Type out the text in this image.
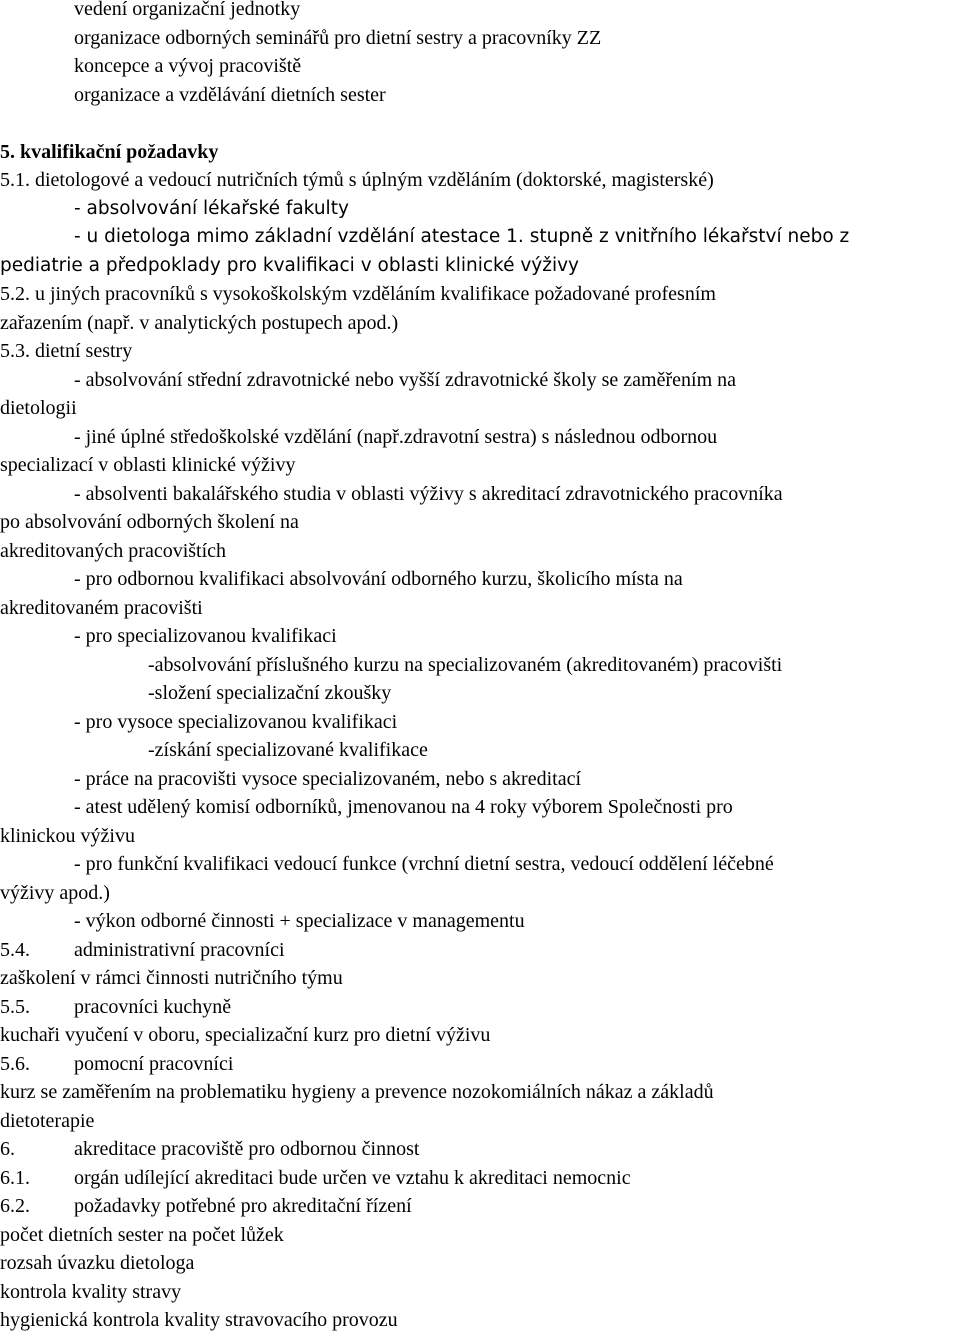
vedení organizační jednotky
organizace odborných seminářů pro dietní sestry a pracovníky ZZ
koncepce a vývoj pracoviště
organizace a vzdělávání dietních sester
5. kvalifikační požadavky
5.1. dietologové a vedoucí nutričních týmů s úplným vzděláním (doktorské, magisterské)
- absolvování lékařské fakulty
- u dietologa mimo základní vzdělání atestace 1. stupně z vnitřního lékařství nebo z
pediatrie a předpoklady pro kvalifikaci v oblasti klinické výživy
5.2. u jiných pracovníků s vysokoškolským vzděláním kvalifikace požadované profesním
zařazením (např. v analytických postupech apod.)
5.3. dietní sestry
- absolvování střední zdravotnické nebo vyšší zdravotnické školy se zaměřením na
dietologii
- jiné úplné středoškolské vzdělání (např.zdravotní sestra) s následnou odbornou
specializací v oblasti klinické výživy
- absolventi bakalářského studia v oblasti výživy s akreditací zdravotnického pracovníka
po absolvování odborných školení na
akreditovaných pracovištích
- pro odbornou kvalifikaci absolvování odborného kurzu, školicího místa na
akreditovaném pracovišti
- pro specializovanou kvalifikaci
-absolvování příslušného kurzu na specializovaném (akreditovaném) pracovišti
-složení specializační zkoušky
- pro vysoce specializovanou kvalifikaci
-získání specializované kvalifikace
- práce na pracovišti vysoce specializovaném, nebo s akreditací
- atest udělený komisí odborníků, jmenovanou na 4 roky výborem Společnosti pro
klinickou výživu
- pro funkční kvalifikaci vedoucí funkce (vrchní dietní sestra, vedoucí oddělení léčebné
výživy apod.)
- výkon odborné činnosti + specializace v managementu
5.4. administrativní pracovníci
zaškolení v rámci činnosti nutričního týmu
5.5. pracovníci kuchyně
kuchaři vyučení v oboru, specializační kurz pro dietní výživu
5.6. pomocní pracovníci
kurz se zaměřením na problematiku hygieny a prevence nozokomiálních nákaz a základů
dietoterapie
6.	akreditace pracoviště pro odbornou činnost
6.1. orgán udílející akreditaci bude určen ve vztahu k akreditaci nemocnic
6.2. požadavky potřebné pro akreditační řízení
počet dietních sester na počet lůžek
rozsah úvazku dietologa
kontrola kvality stravy
hygienická kontrola kvality stravovacího provozu
